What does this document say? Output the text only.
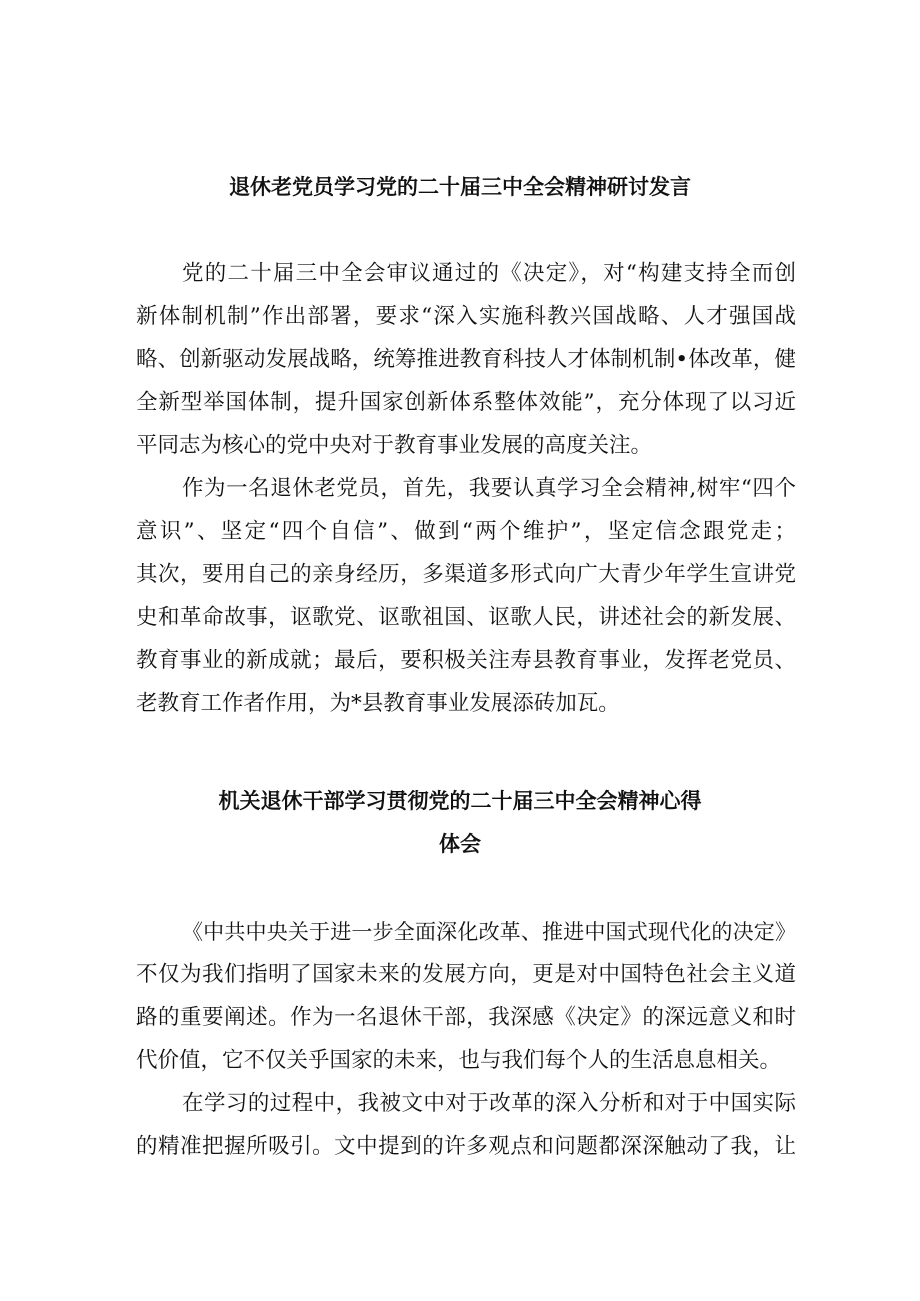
退休老党员学习党的二十届三中全会精神研讨发言
党的二十届三中全会审议通过的《决定》，对“构建支持全而创
新体制机制”作出部署，要求“深入实施科教兴国战略、人才强国战
略、创新驱动发展战略，统筹推进教育科技人才体制机制•体改革，健
全新型举国体制，提升国家创新体系整体效能”，充分体现了以习近
平同志为核心的党中央对于教育事业发展的高度关注。
作为一名退休老党员，首先，我要认真学习全会精神,树牢“四个
意识”、坚定“四个自信”、做到“两个维护”，坚定信念跟党走；
其次，要用自己的亲身经历，多渠道多形式向广大青少年学生宣讲党
史和革命故事，讴歌党、讴歌祖国、讴歌人民，讲述社会的新发展、
教育事业的新成就；最后，要积极关注寿县教育事业，发挥老党员、
老教育工作者作用，为*县教育事业发展添砖加瓦。
机关退休干部学习贯彻党的二十届三中全会精神心得
体会
《中共中央关于进一步全面深化改革、推进中国式现代化的决定》
不仅为我们指明了国家未来的发展方向，更是对中国特色社会主义道
路的重要阐述。作为一名退休干部，我深感《决定》的深远意义和时
代价值，它不仅关乎国家的未来，也与我们每个人的生活息息相关。
在学习的过程中，我被文中对于改革的深入分析和对于中国实际
的精准把握所吸引。文中提到的许多观点和问题都深深触动了我，让
